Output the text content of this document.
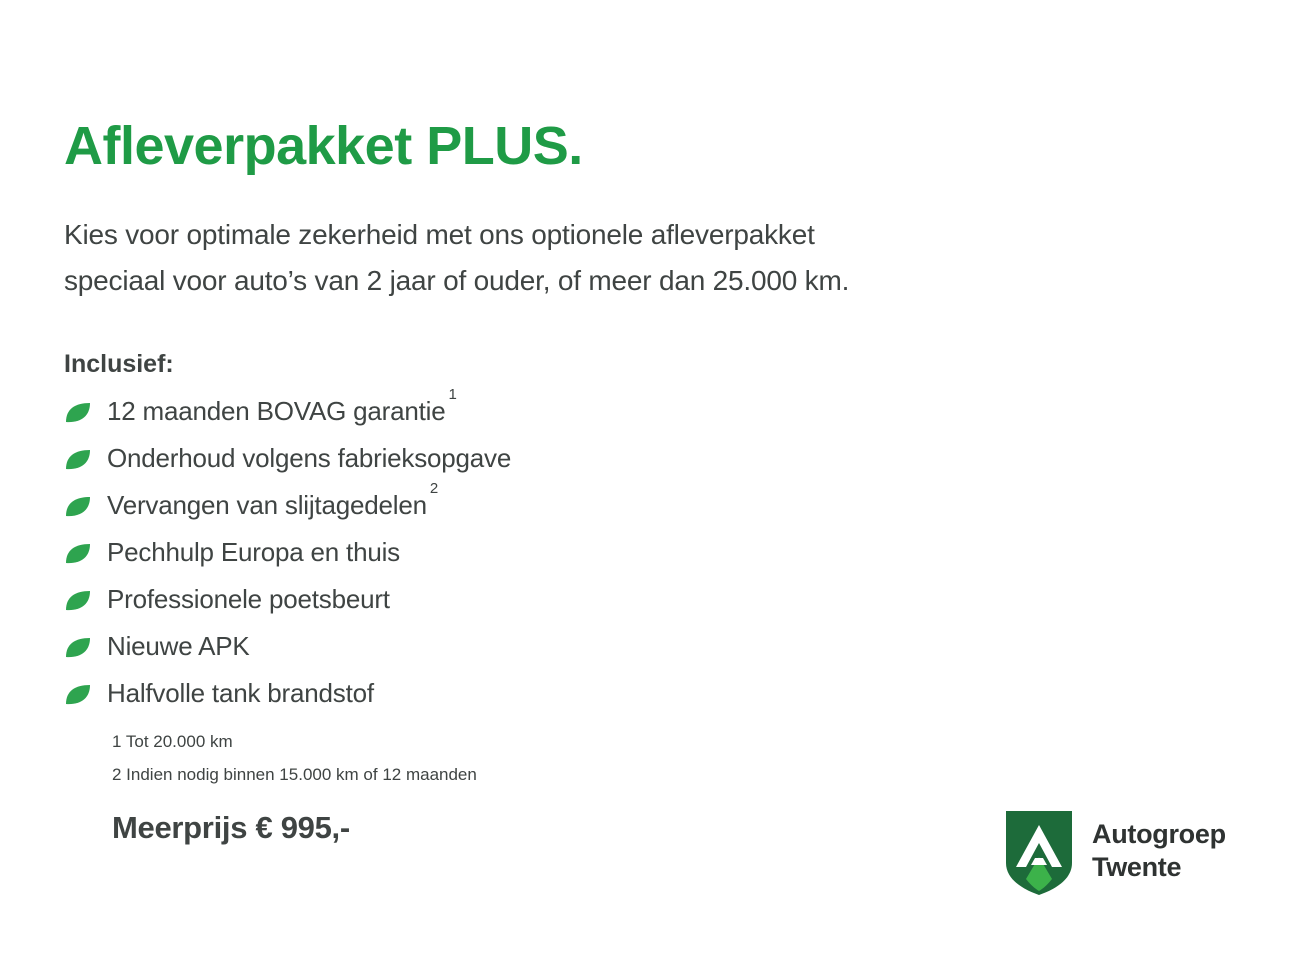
Afleverpakket PLUS.
Kies voor optimale zekerheid met ons optionele afleverpakket
speciaal voor auto’s van 2 jaar of ouder, of meer dan 25.000 km.
Inclusief:
12 maanden BOVAG garantie$^1$
Onderhoud volgens fabrieksopgave
Vervangen van slijtagedelen$^2$
Pechhulp Europa en thuis
Professionele poetsbeurt
Nieuwe APK
Halfvolle tank brandstof
1 Tot 20.000 km
2 Indien nodig binnen 15.000 km of 12 maanden
Meerprijs € 995,-	Autogroep
Twente
